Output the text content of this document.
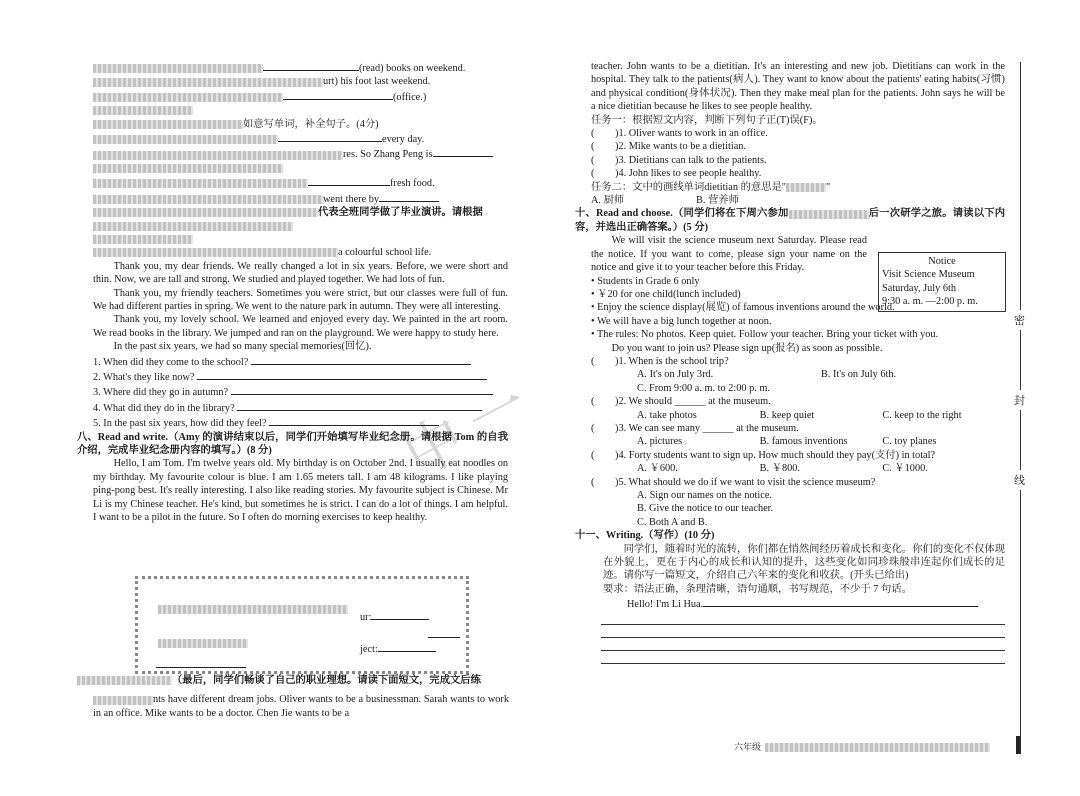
中一
(read) books on weekend.
urt) his foot last weekend.
(office.)
如意写单词，补全句子。(4分)
every day.
res. So Zhang Peng is
fresh food.
went there by
代表全班同学做了毕业演讲。请根据
a colourful school life.
Thank you, my dear friends. We really changed a lot in six years. Before, we were short and thin. Now, we are tall and strong. We studied and played together. We had lots of fun.
Thank you, my friendly teachers. Sometimes you were strict, but our classes were full of fun. We had different parties in spring. We went to the nature park in autumn. They were all interesting.
Thank you, my lovely school. We learned and enjoyed every day. We painted in the art room. We read books in the library. We jumped and ran on the playground. We were happy to study here.
In the past six years, we had so many special memories(回忆).
1. When did they come to the school?
2. What's they like now?
3. Where did they go in autumn?
4. What did they do in the library?
5. In the past six years, how did they feel?
八、Read and write.（Amy 的演讲结束以后，同学们开始填写毕业纪念册。请根据 Tom 的自我介绍，完成毕业纪念册内容的填写。）(8 分)
Hello, I am Tom. I'm twelve years old. My birthday is on October 2nd. I usually eat noodles on my birthday. My favourite colour is blue. I am 1.65 meters tall. I am 48 kilograms. I like playing ping-pong best. It's really interesting. I also like reading stories. My favourite subject is Chinese. Mr Li is my Chinese teacher. He's kind, but sometimes he is strict. I can do a lot of things. I am helpful. I want to be a pilot in the future. So I often do morning exercises to keep healthy.
ur:
ject:
（最后，同学们畅谈了自己的职业理想。请读下面短文，完成文后练
nts have different dream jobs. Oliver wants to be a businessman. Sarah wants to work in an office. Mike wants to be a doctor. Chen Jie wants to be a
teacher. John wants to be a dietitian. It's an interesting and new job. Dietitians can work in the hospital. They talk to the patients(病人). They want to know about the patients' eating habits(习惯) and physical condition(身体状况). Then they make meal plan for the patients. John says he will be a nice dietitian because he likes to see people healthy.
任务一：根据短文内容，判断下列句子正(T)误(F)。
(　　)1. Oliver wants to work in an office.
(　　)2. Mike wants to be a dietitian.
(　　)3. Dietitians can talk to the patients.
(　　)4. John likes to see people healthy.
任务二：文中的画线单词dietitian 的意思是"	"
A. 厨师	B. 营养师
十、Read and choose.（同学们将在下周六参加	后一次研学之旅。请读以下内容，并选出正确答案。）(5 分)
We will visit the science museum next Saturday. Please read the notice. If you want to come, please sign your name on the notice and give it to your teacher before this Friday.
• Students in Grade 6 only
• ￥20 for one child(lunch included)
• Enjoy the science display(展览) of famous inventions around the world.
• We will have a big lunch together at noon.
• The rules: No photos. Keep quiet. Follow your teacher. Bring your ticket with you.
Do you want to join us? Please sign up(报名) as soon as possible.
(　　)1. When is the school trip?
A. It's on July 3rd.	B. It's on July 6th.
C. From 9:00 a. m. to 2:00 p. m.
(　　)2. We should ______ at the museum.
A. take photos	B. keep quiet	C. keep to the right
(　　)3. We can see many ______ at the museum.
A. pictures	B. famous inventions	C. toy planes
(　　)4. Forty students want to sign up. How much should they pay(支付) in total?
A. ￥600.	B. ￥800.	C. ￥1000.
(　　)5. What should we do if we want to visit the science museum?
A. Sign our names on the notice.
B. Give the notice to our teacher.
C. Both A and B.
十一、Writing.（写作）(10 分)
同学们，随着时光的流转，你们都在悄然间经历着成长和变化。你们的变化不仅体现在外貌上，更在于内心的成长和认知的提升，这些变化如同珍珠般串连起你们成长的足迹。请你写一篇短文，介绍自己六年来的变化和收获。(开头已给出)
要求：语法正确，条理清晰，语句通顺，书写规范，不少于 7 句话。
Hello! I'm Li Hua.
Notice
Visit Science Museum
Saturday, July 6th
9:30 a. m. —2:00 p. m.
密
封
线
六年级
